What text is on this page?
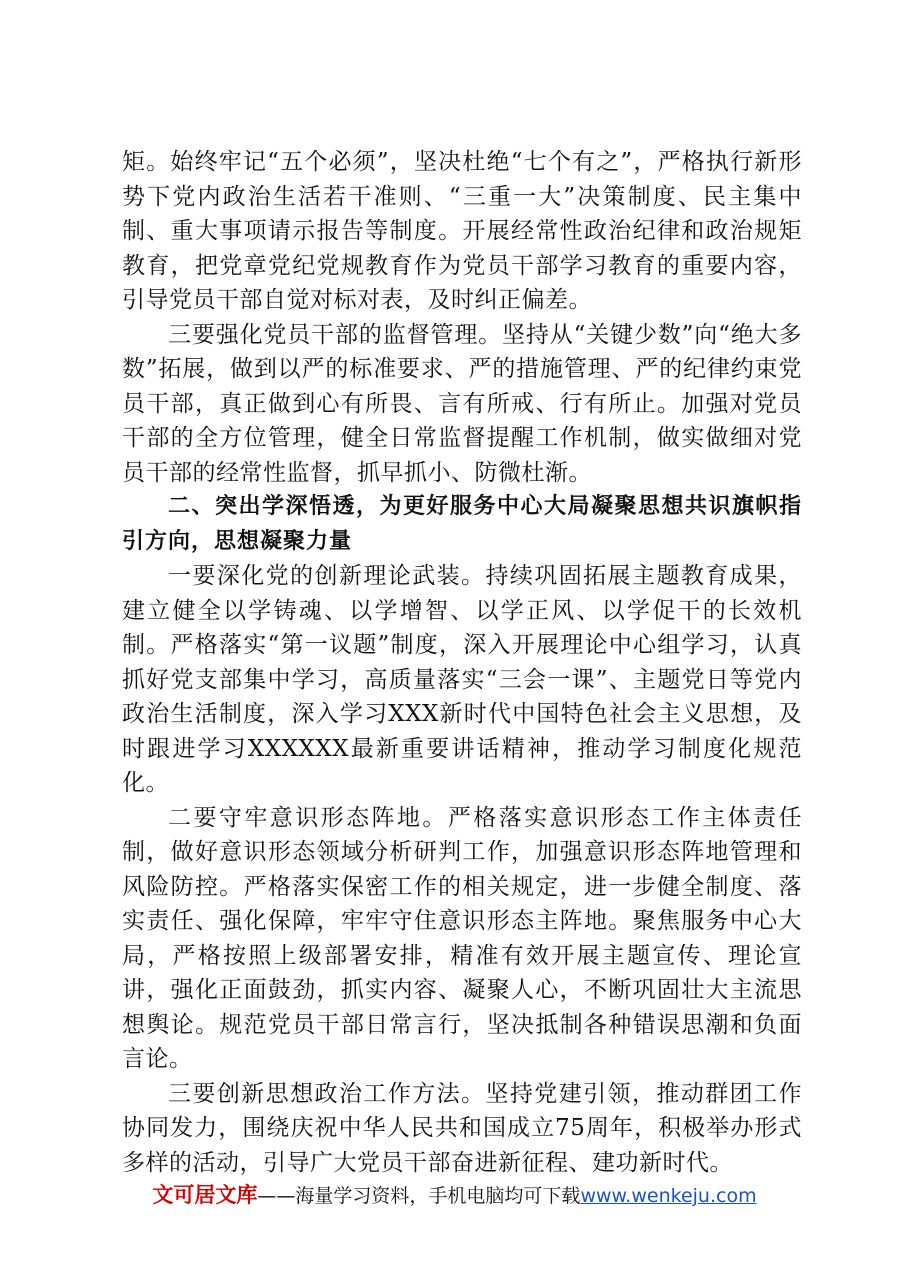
矩。始终牢记“五个必须”，坚决杜绝“七个有之”，严格执行新形势下党内政治生活若干准则、“三重一大”决策制度、民主集中制、重大事项请示报告等制度。开展经常性政治纪律和政治规矩教育，把党章党纪党规教育作为党员干部学习教育的重要内容，引导党员干部自觉对标对表，及时纠正偏差。

三要强化党员干部的监督管理。坚持从“关键少数”向“绝大多数”拓展，做到以严的标准要求、严的措施管理、严的纪律约束党员干部，真正做到心有所畏、言有所戒、行有所止。加强对党员干部的全方位管理，健全日常监督提醒工作机制，做实做细对党员干部的经常性监督，抓早抓小、防微杜渐。

二、突出学深悟透，为更好服务中心大局凝聚思想共识旗帜指引方向，思想凝聚力量

一要深化党的创新理论武装。持续巩固拓展主题教育成果，建立健全以学铸魂、以学增智、以学正风、以学促干的长效机制。严格落实“第一议题”制度，深入开展理论中心组学习，认真抓好党支部集中学习，高质量落实“三会一课”、主题党日等党内政治生活制度，深入学习XXX新时代中国特色社会主义思想，及时跟进学习XXXXXX最新重要讲话精神，推动学习制度化规范化。

二要守牢意识形态阵地。严格落实意识形态工作主体责任制，做好意识形态领域分析研判工作，加强意识形态阵地管理和风险防控。严格落实保密工作的相关规定，进一步健全制度、落实责任、强化保障，牢牢守住意识形态主阵地。聚焦服务中心大局，严格按照上级部署安排，精准有效开展主题宣传、理论宣讲，强化正面鼓劲，抓实内容、凝聚人心，不断巩固壮大主流思想舆论。规范党员干部日常言行，坚决抵制各种错误思潮和负面言论。

三要创新思想政治工作方法。坚持党建引领，推动群团工作协同发力，围绕庆祝中华人民共和国成立75周年，积极举办形式多样的活动，引导广大党员干部奋进新征程、建功新时代。

文可居文库——海量学习资料，手机电脑均可下载www.wenkeju.com
